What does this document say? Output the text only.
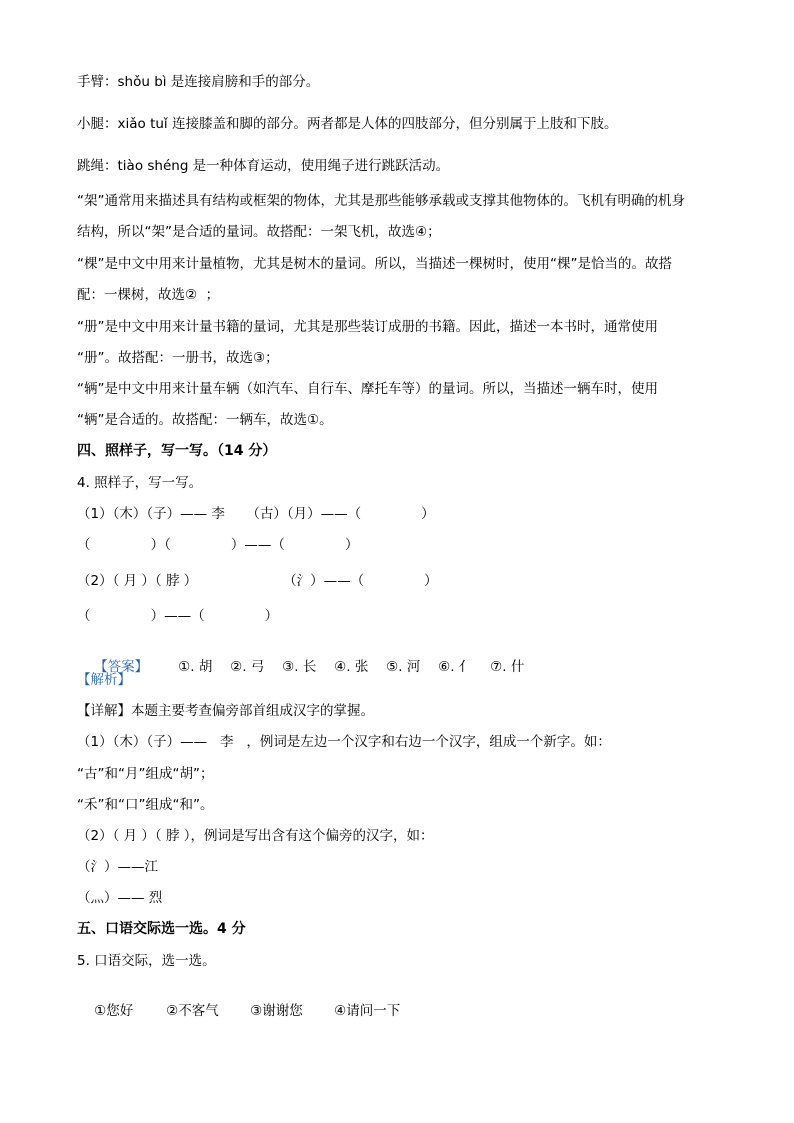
手臂：shǒu bì 是连接肩膀和手的部分。
小腿：xiǎo tuǐ 连接膝盖和脚的部分。两者都是人体的四肢部分，但分别属于上肢和下肢。
跳绳：tiào shéng 是一种体育运动，使用绳子进行跳跃活动。
“架”通常用来描述具有结构或框架的物体，尤其是那些能够承载或支撑其他物体的。飞机有明确的机身
结构，所以“架”是合适的量词。故搭配：一架飞机，故选④；
“棵”是中文中用来计量植物，尤其是树木的量词。所以，当描述一棵树时，使用“棵”是恰当的。故搭
配：一棵树，故选②  ；
“册”是中文中用来计量书籍的量词，尤其是那些装订成册的书籍。因此，描述一本书时，通常使用
“册”。故搭配：一册书，故选③；
“辆”是中文中用来计量车辆（如汽车、自行车、摩托车等）的量词。所以，当描述一辆车时，使用
“辆”是合适的。故搭配：一辆车，故选①。
四、照样子，写一写。（14 分）
4. 照样子，写一写。
（1）（木）（子）—— 李     （古）（月）——（              ）
（              ）（              ）——（              ）
（2）（ 月 ）（ 脖 ）                    （氵）——（              ）
（              ）——（              ）

【答案】 ①. 胡 ②. 弓 ③. 长 ④. 张 ⑤. 河 ⑥. 亻 ⑦. 什

【解析】
【详解】本题主要考查偏旁部首组成汉字的掌握。
（1）（木）（子）——   李   ，例词是左边一个汉字和右边一个汉字，组成一个新字。如：
“古”和“月”组成“胡”；
“禾”和“口”组成“和”。
（2）（ 月 ）（ 脖 ），例词是写出含有这个偏旁的汉字，如：
（氵）——江
（灬）—— 烈
五、口语交际选一选。4 分
5. 口语交际，选一选。

①您好 ②不客气 ③谢谢您 ④请问一下
